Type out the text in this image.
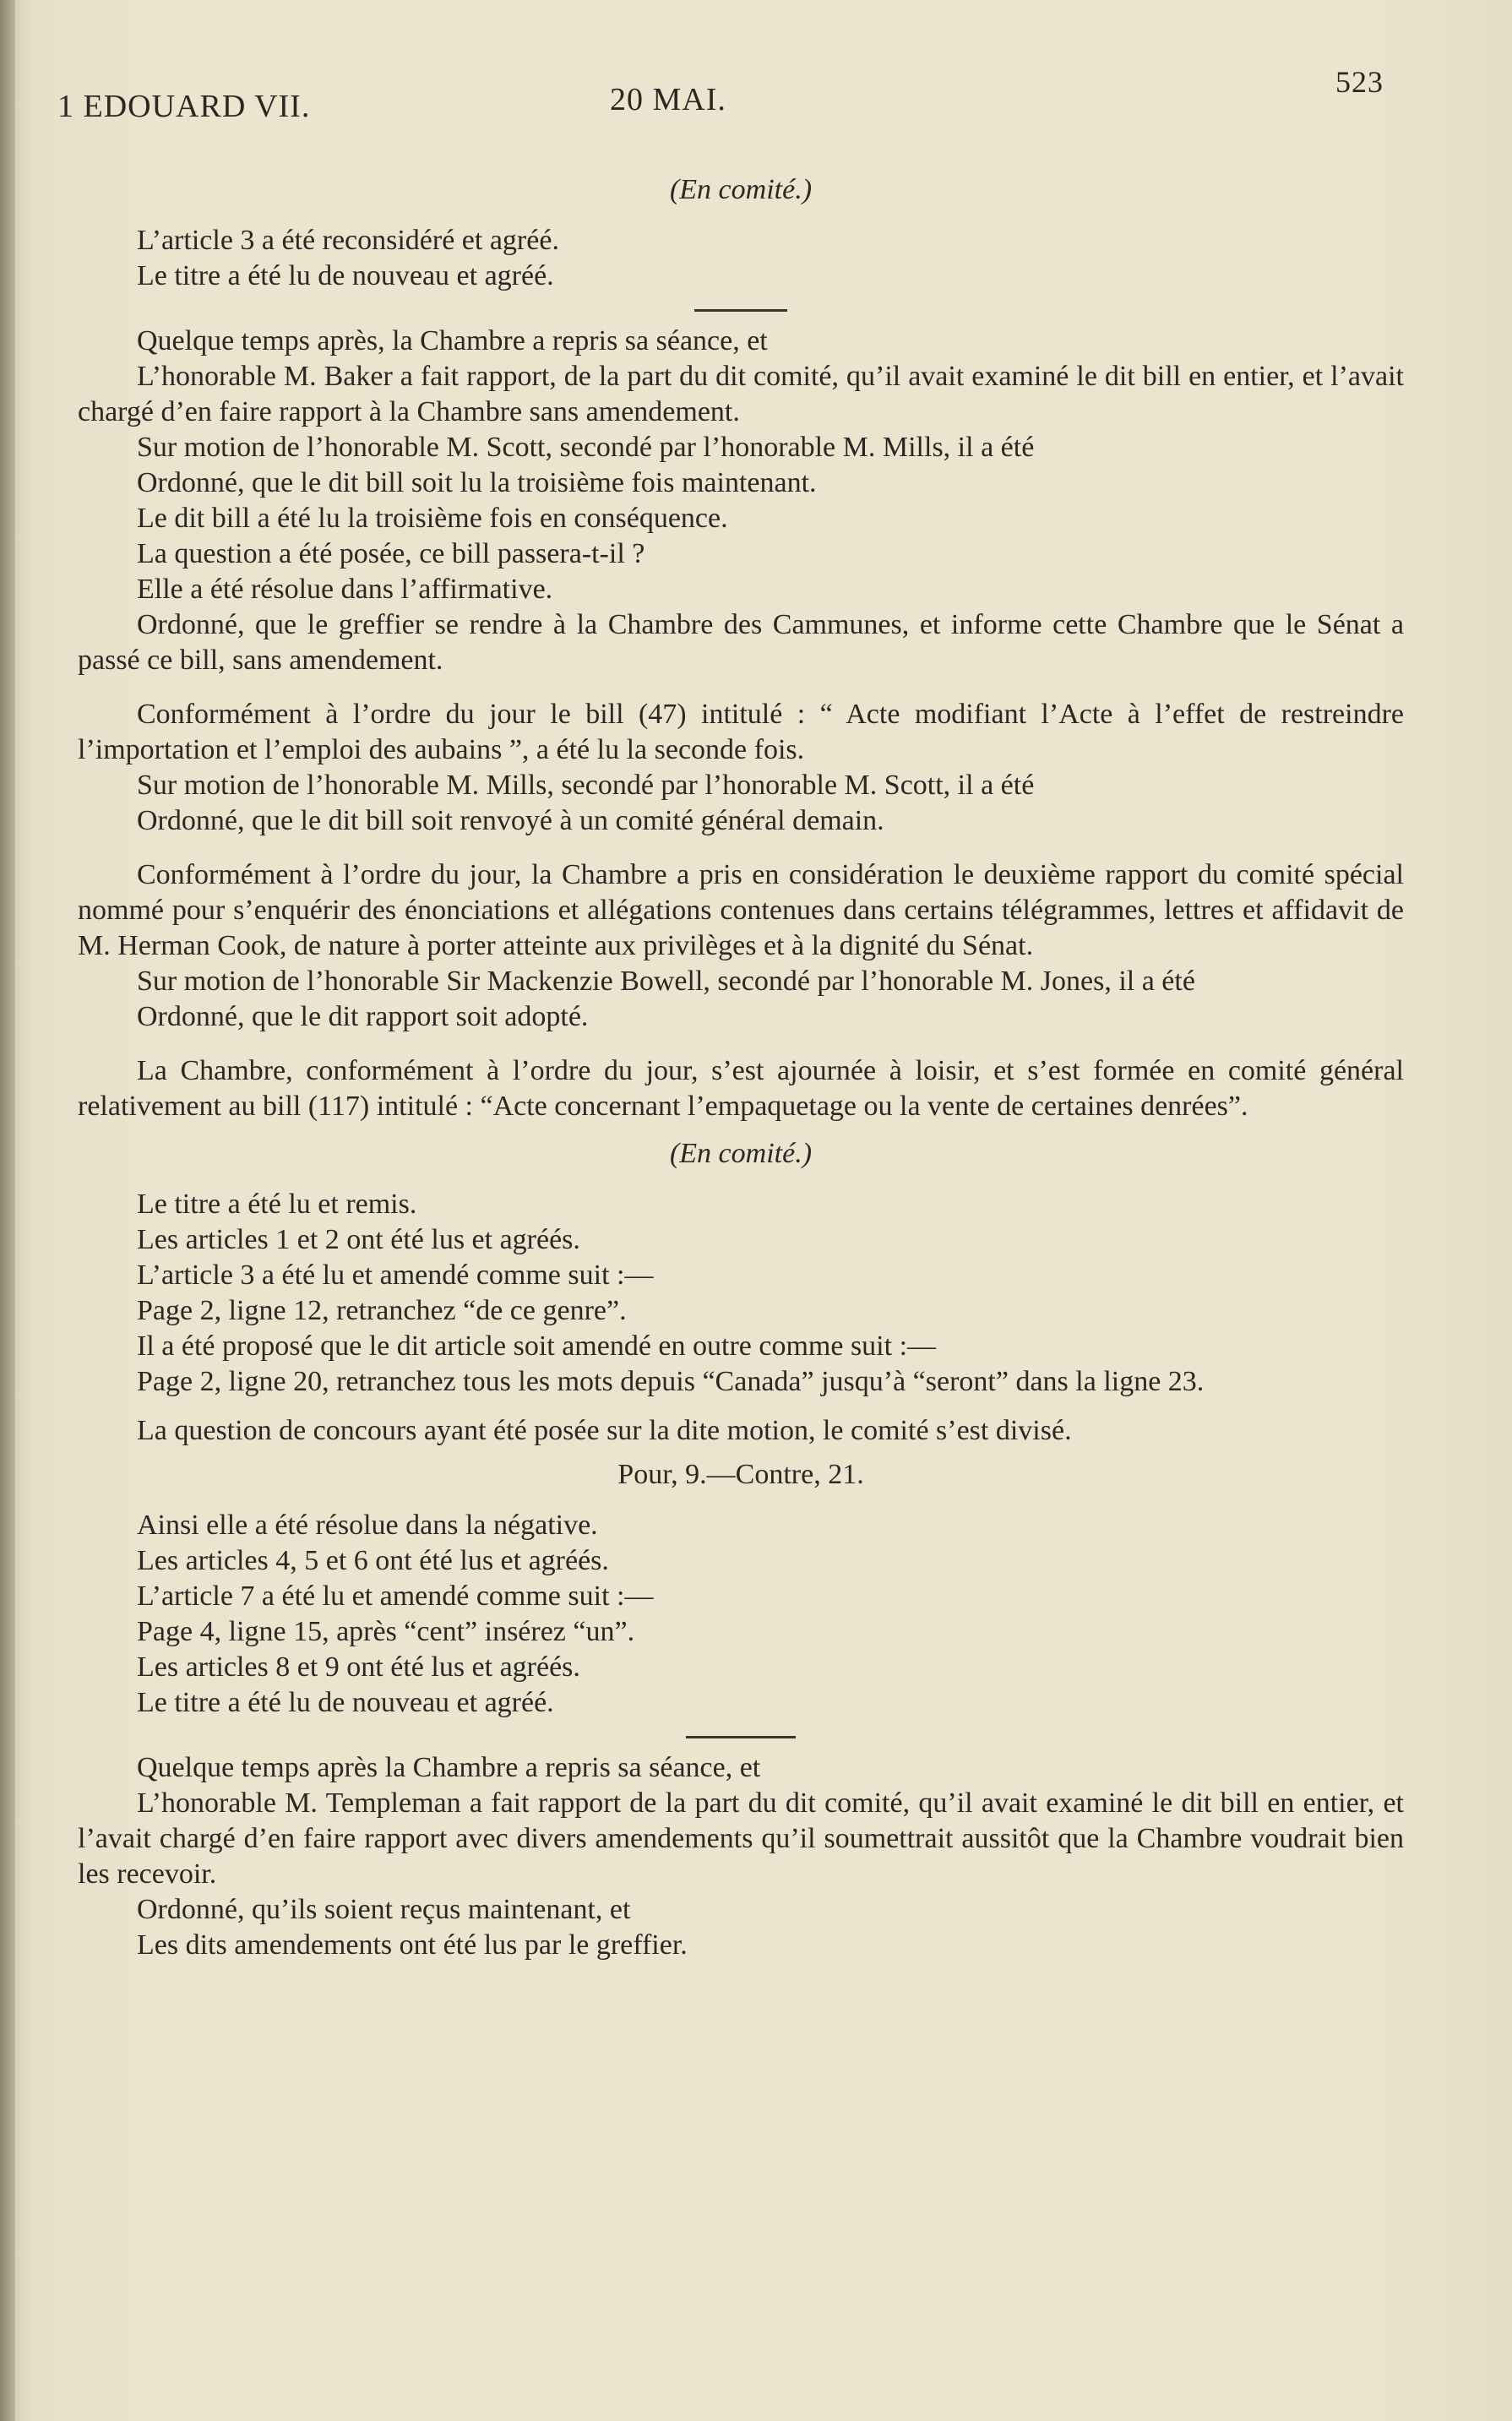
1 EDOUARD VII.	20 MAI.	523
(En comité.)

L’article 3 a été reconsidéré et agréé.

Le titre a été lu de nouveau et agréé.

Quelque temps après, la Chambre a repris sa séance, et

L’honorable M. Baker a fait rapport, de la part du dit comité, qu’il avait examiné le dit bill en entier, et l’avait chargé d’en faire rapport à la Chambre sans amendement.

Sur motion de l’honorable M. Scott, secondé par l’honorable M. Mills, il a été

Ordonné, que le dit bill soit lu la troisième fois maintenant.

Le dit bill a été lu la troisième fois en conséquence.

La question a été posée, ce bill passera-t-il ?

Elle a été résolue dans l’affirmative.

Ordonné, que le greffier se rendre à la Chambre des Cammunes, et informe cette Chambre que le Sénat a passé ce bill, sans amendement.

Conformément à l’ordre du jour le bill (47) intitulé : “ Acte modifiant l’Acte à l’effet de restreindre l’importation et l’emploi des aubains ”, a été lu la seconde fois.

Sur motion de l’honorable M. Mills, secondé par l’honorable M. Scott, il a été

Ordonné, que le dit bill soit renvoyé à un comité général demain.

Conformément à l’ordre du jour, la Chambre a pris en considération le deuxième rapport du comité spécial nommé pour s’enquérir des énonciations et allégations contenues dans certains télégrammes, lettres et affidavit de M. Herman Cook, de nature à porter atteinte aux privilèges et à la dignité du Sénat.

Sur motion de l’honorable Sir Mackenzie Bowell, secondé par l’honorable M. Jones, il a été

Ordonné, que le dit rapport soit adopté.

La Chambre, conformément à l’ordre du jour, s’est ajournée à loisir, et s’est formée en comité général relativement au bill (117) intitulé : “Acte concernant l’empaquetage ou la vente de certaines denrées”.

(En comité.)

Le titre a été lu et remis.

Les articles 1 et 2 ont été lus et agréés.

L’article 3 a été lu et amendé comme suit :—

Page 2, ligne 12, retranchez “de ce genre”.

Il a été proposé que le dit article soit amendé en outre comme suit :—

Page 2, ligne 20, retranchez tous les mots depuis “Canada” jusqu’à “seront” dans la ligne 23.

La question de concours ayant été posée sur la dite motion, le comité s’est divisé.

Pour, 9.—Contre, 21.

Ainsi elle a été résolue dans la négative.

Les articles 4, 5 et 6 ont été lus et agréés.

L’article 7 a été lu et amendé comme suit :—

Page 4, ligne 15, après “cent” insérez “un”.

Les articles 8 et 9 ont été lus et agréés.

Le titre a été lu de nouveau et agréé.

Quelque temps après la Chambre a repris sa séance, et

L’honorable M. Templeman a fait rapport de la part du dit comité, qu’il avait examiné le dit bill en entier, et l’avait chargé d’en faire rapport avec divers amendements qu’il soumettrait aussitôt que la Chambre voudrait bien les recevoir.

Ordonné, qu’ils soient reçus maintenant, et

Les dits amendements ont été lus par le greffier.
